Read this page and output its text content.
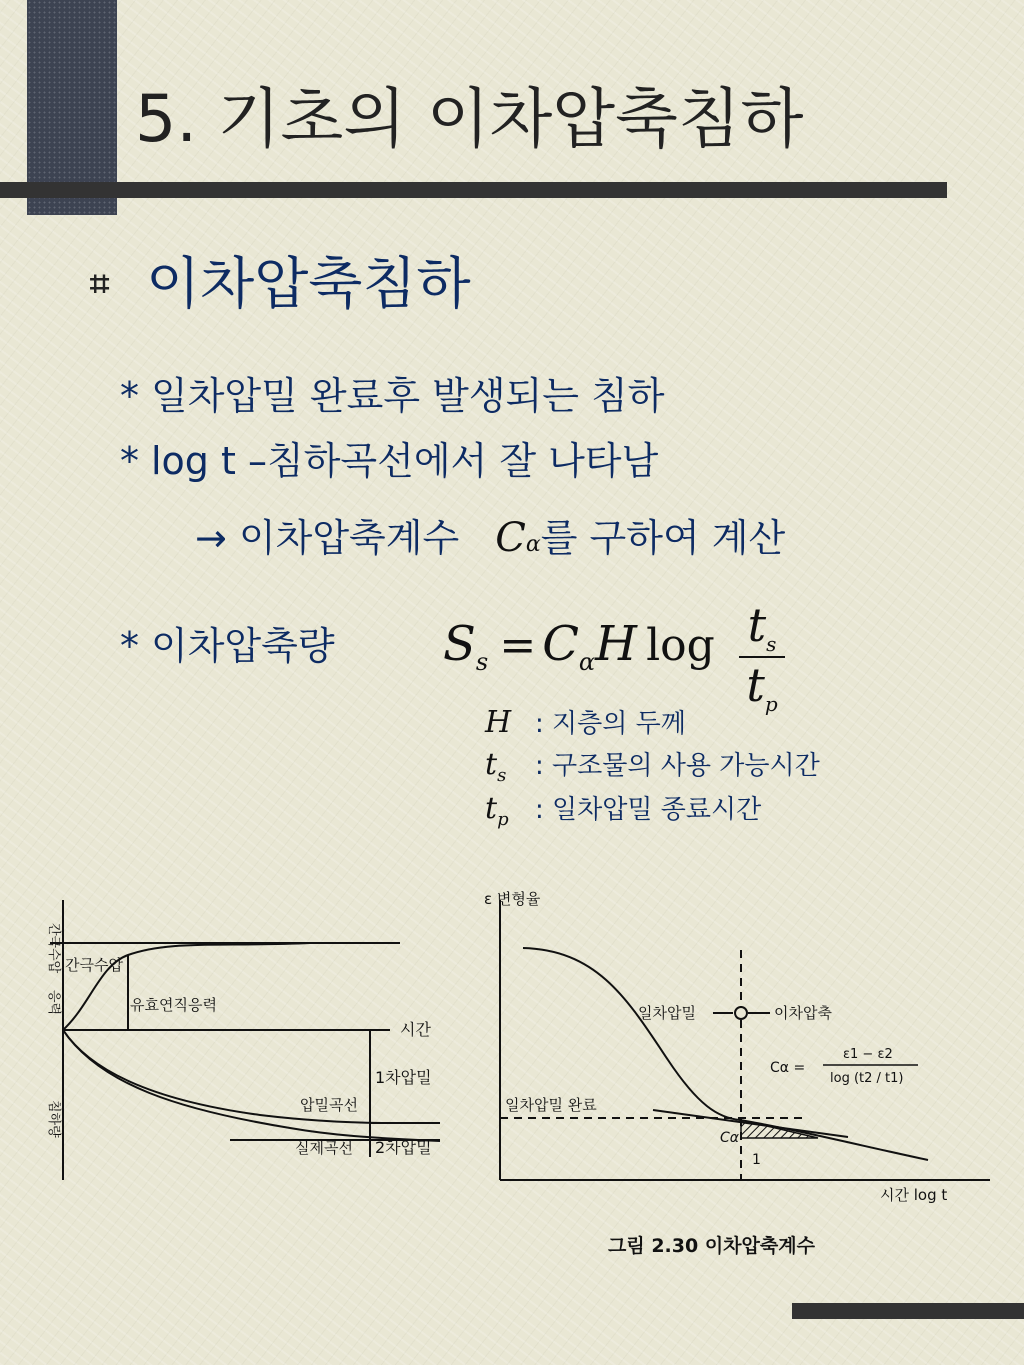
5. 기초의 이차압축침하
⌗ 이차압축침하
* 일차압밀 완료후 발생되는 침하
* log t –침하곡선에서 잘 나타남
→ 이차압축계수 Cα를 구하여 계산
* 이차압축량 Ss = CαH log ts
tp
H : 지층의 두께
$t_s$ : 구조물의 사용 가능시간
$t_p$ : 일차압밀 종료시간
간극수압
유효연직응력
시간
1차압밀
압밀곡선
실제곡선 2차압밀
간극수압
응력
침하량
ε 변형율
시간 log t
일차압밀	이차압축
일차압밀 완료
Cα =
ε1 − ε2
log (t2 / t1)
Cα
1
그림 2.30 이차압축계수
